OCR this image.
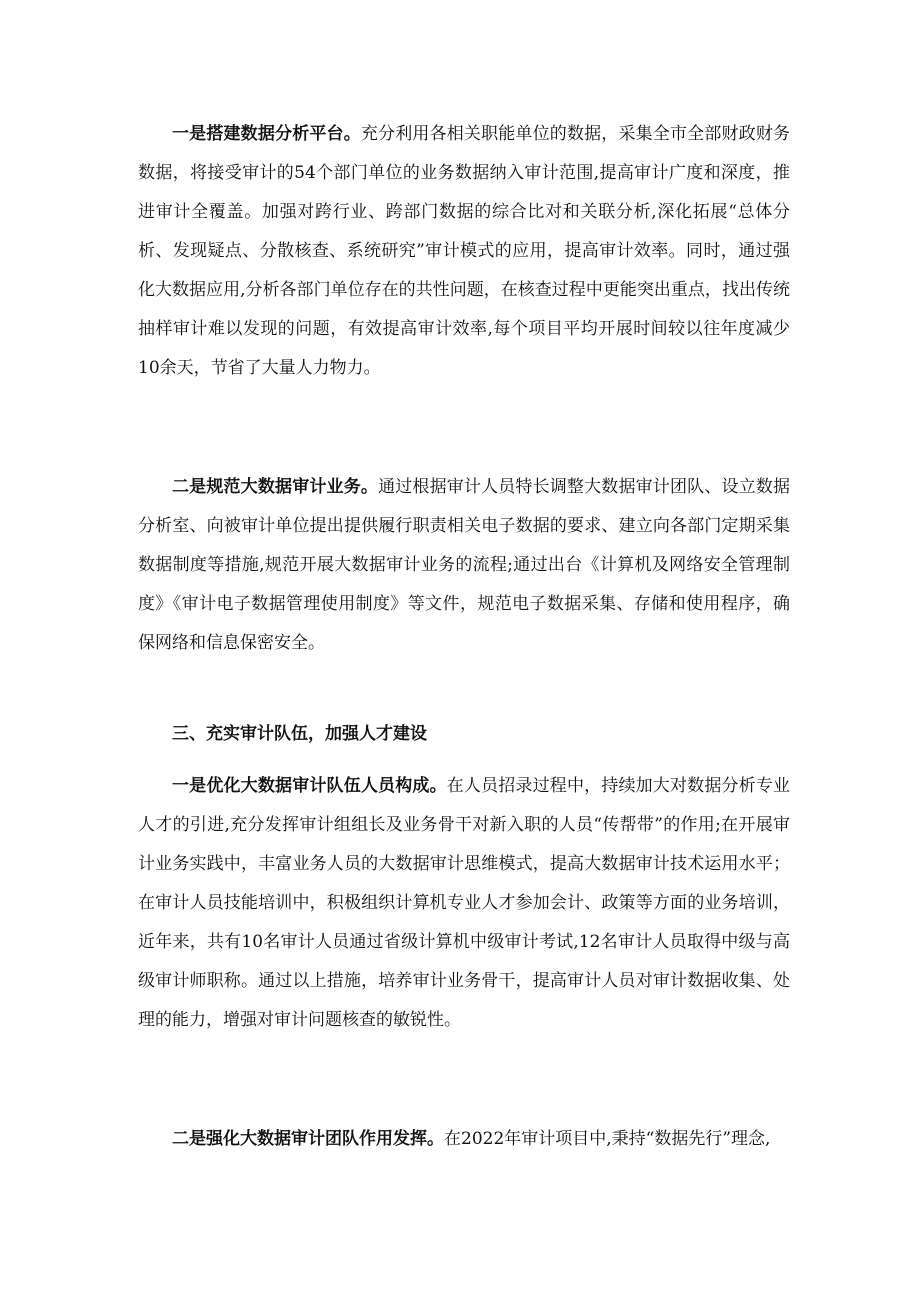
一是搭建数据分析平台。充分利用各相关职能单位的数据，采集全市全部财政财务数据，将接受审计的54个部门单位的业务数据纳入审计范围,提高审计广度和深度，推进审计全覆盖。加强对跨行业、跨部门数据的综合比对和关联分析,深化拓展“总体分析、发现疑点、分散核查、系统研究”审计模式的应用，提高审计效率。同时，通过强化大数据应用,分析各部门单位存在的共性问题，在核查过程中更能突出重点，找出传统抽样审计难以发现的问题，有效提高审计效率,每个项目平均开展时间较以往年度减少10余天，节省了大量人力物力。

二是规范大数据审计业务。通过根据审计人员特长调整大数据审计团队、设立数据分析室、向被审计单位提出提供履行职责相关电子数据的要求、建立向各部门定期采集数据制度等措施,规范开展大数据审计业务的流程;通过出台《计算机及网络安全管理制度》《审计电子数据管理使用制度》等文件，规范电子数据采集、存储和使用程序，确保网络和信息保密安全。

三、充实审计队伍，加强人才建设

一是优化大数据审计队伍人员构成。在人员招录过程中，持续加大对数据分析专业人才的引进,充分发挥审计组组长及业务骨干对新入职的人员“传帮带”的作用;在开展审计业务实践中，丰富业务人员的大数据审计思维模式，提高大数据审计技术运用水平；在审计人员技能培训中，积极组织计算机专业人才参加会计、政策等方面的业务培训，近年来，共有10名审计人员通过省级计算机中级审计考试,12名审计人员取得中级与高级审计师职称。通过以上措施，培养审计业务骨干，提高审计人员对审计数据收集、处理的能力，增强对审计问题核查的敏锐性。

二是强化大数据审计团队作用发挥。在2022年审计项目中,秉持“数据先行”理念,
